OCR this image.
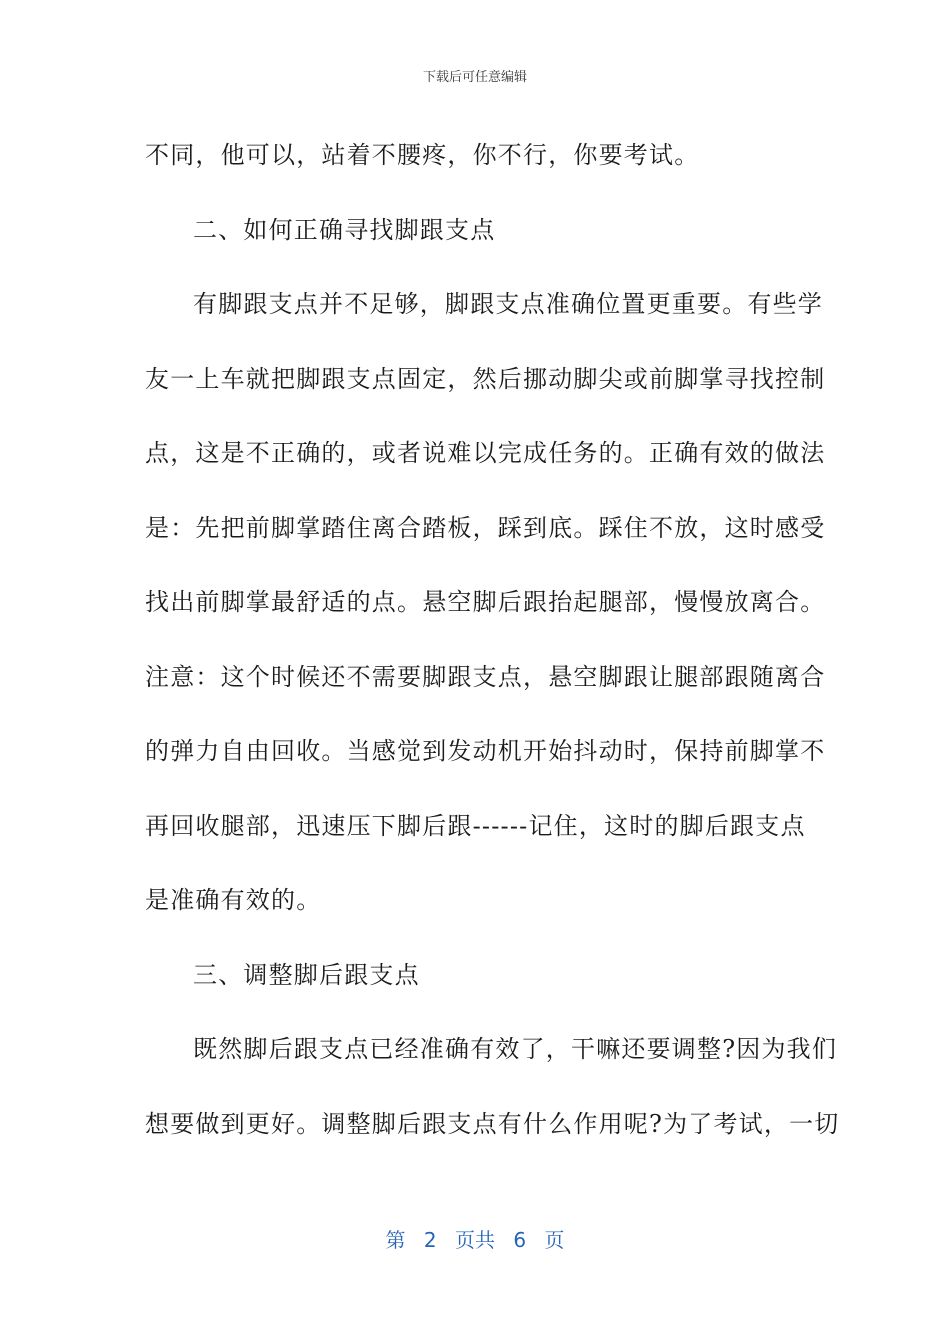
下载后可任意编辑
不同，他可以，站着不腰疼，你不行，你要考试。
二、如何正确寻找脚跟支点
有脚跟支点并不足够，脚跟支点准确位置更重要。有些学
友一上车就把脚跟支点固定，然后挪动脚尖或前脚掌寻找控制
点，这是不正确的，或者说难以完成任务的。正确有效的做法
是：先把前脚掌踏住离合踏板，踩到底。踩住不放，这时感受
找出前脚掌最舒适的点。悬空脚后跟抬起腿部，慢慢放离合。
注意：这个时候还不需要脚跟支点，悬空脚跟让腿部跟随离合
的弹力自由回收。当感觉到发动机开始抖动时，保持前脚掌不
再回收腿部，迅速压下脚后跟------记住，这时的脚后跟支点
是准确有效的。
三、调整脚后跟支点
既然脚后跟支点已经准确有效了，干嘛还要调整?因为我们
想要做到更好。调整脚后跟支点有什么作用呢?为了考试，一切
第 2 页共 6 页
